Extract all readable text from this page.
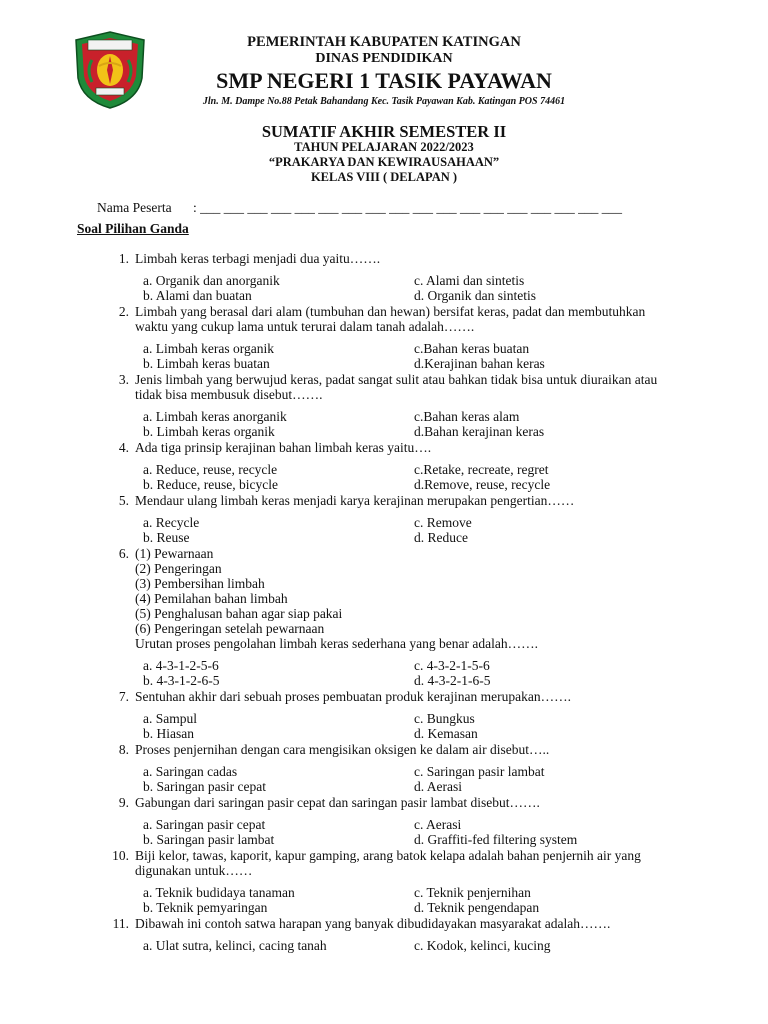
PEMERINTAH KABUPATEN KATINGAN
DINAS PENDIDIKAN
SMP NEGERI 1 TASIK PAYAWAN
Jln. M. Dampe No.88 Petak Bahandang Kec. Tasik Payawan Kab. Katingan POS 74461
SUMATIF AKHIR SEMESTER II
TAHUN PELAJARAN 2022/2023
“PRAKARYA DAN KEWIRAUSAHAAN”
KELAS VIII ( DELAPAN )
Nama Peserta : ___ ___ ___ ___ ___ ___ ___ ___ ___ ___ ___ ___ ___ ___ ___ ___ ___ ___
Soal Pilihan Ganda
1. Limbah keras terbagi menjadi dua yaitu…….
a. Organik dan anorganik	c. Alami dan sintetis
b. Alami dan buatan	d. Organik dan sintetis
2. Limbah yang berasal dari alam (tumbuhan dan hewan) bersifat keras, padat dan membutuhkan waktu yang cukup lama untuk terurai dalam tanah adalah…….
a. Limbah keras organik	c.Bahan keras buatan
b. Limbah keras buatan	d.Kerajinan bahan keras
3. Jenis limbah yang berwujud keras, padat sangat sulit atau bahkan tidak bisa untuk diuraikan atau tidak bisa membusuk disebut…….
a. Limbah keras anorganik	c.Bahan keras alam
b. Limbah keras organik	d.Bahan kerajinan keras
4. Ada tiga prinsip kerajinan bahan limbah keras yaitu….
a. Reduce, reuse, recycle	c.Retake, recreate, regret
b. Reduce, reuse, bicycle	d.Remove, reuse, recycle
5. Mendaur ulang limbah keras menjadi karya kerajinan merupakan pengertian……
a. Recycle	c. Remove
b. Reuse	d. Reduce
6. (1) Pewarnaan
(2) Pengeringan
(3) Pembersihan limbah
(4) Pemilahan bahan limbah
(5) Penghalusan bahan agar siap pakai
(6) Pengeringan setelah pewarnaan
Urutan proses pengolahan limbah keras sederhana yang benar adalah…….
a. 4-3-1-2-5-6	c. 4-3-2-1-5-6
b. 4-3-1-2-6-5	d. 4-3-2-1-6-5
7. Sentuhan akhir dari sebuah proses pembuatan produk kerajinan merupakan…….
a. Sampul	c. Bungkus
b. Hiasan	d. Kemasan
8. Proses penjernihan dengan cara mengisikan oksigen ke dalam air disebut…..
a. Saringan cadas	c. Saringan pasir lambat
b. Saringan pasir cepat	d. Aerasi
9. Gabungan dari saringan pasir cepat dan saringan pasir lambat disebut…….
a. Saringan pasir cepat	c. Aerasi
b. Saringan pasir lambat	d. Graffiti-fed filtering system
10. Biji kelor, tawas, kaporit, kapur gamping, arang batok kelapa adalah bahan penjernih air yang digunakan untuk……
a. Teknik budidaya tanaman	c. Teknik penjernihan
b. Teknik pemyaringan	d. Teknik pengendapan
11. Dibawah ini contoh satwa harapan yang banyak dibudidayakan masyarakat adalah…….
a. Ulat sutra, kelinci, cacing tanah	c. Kodok, kelinci, kucing
